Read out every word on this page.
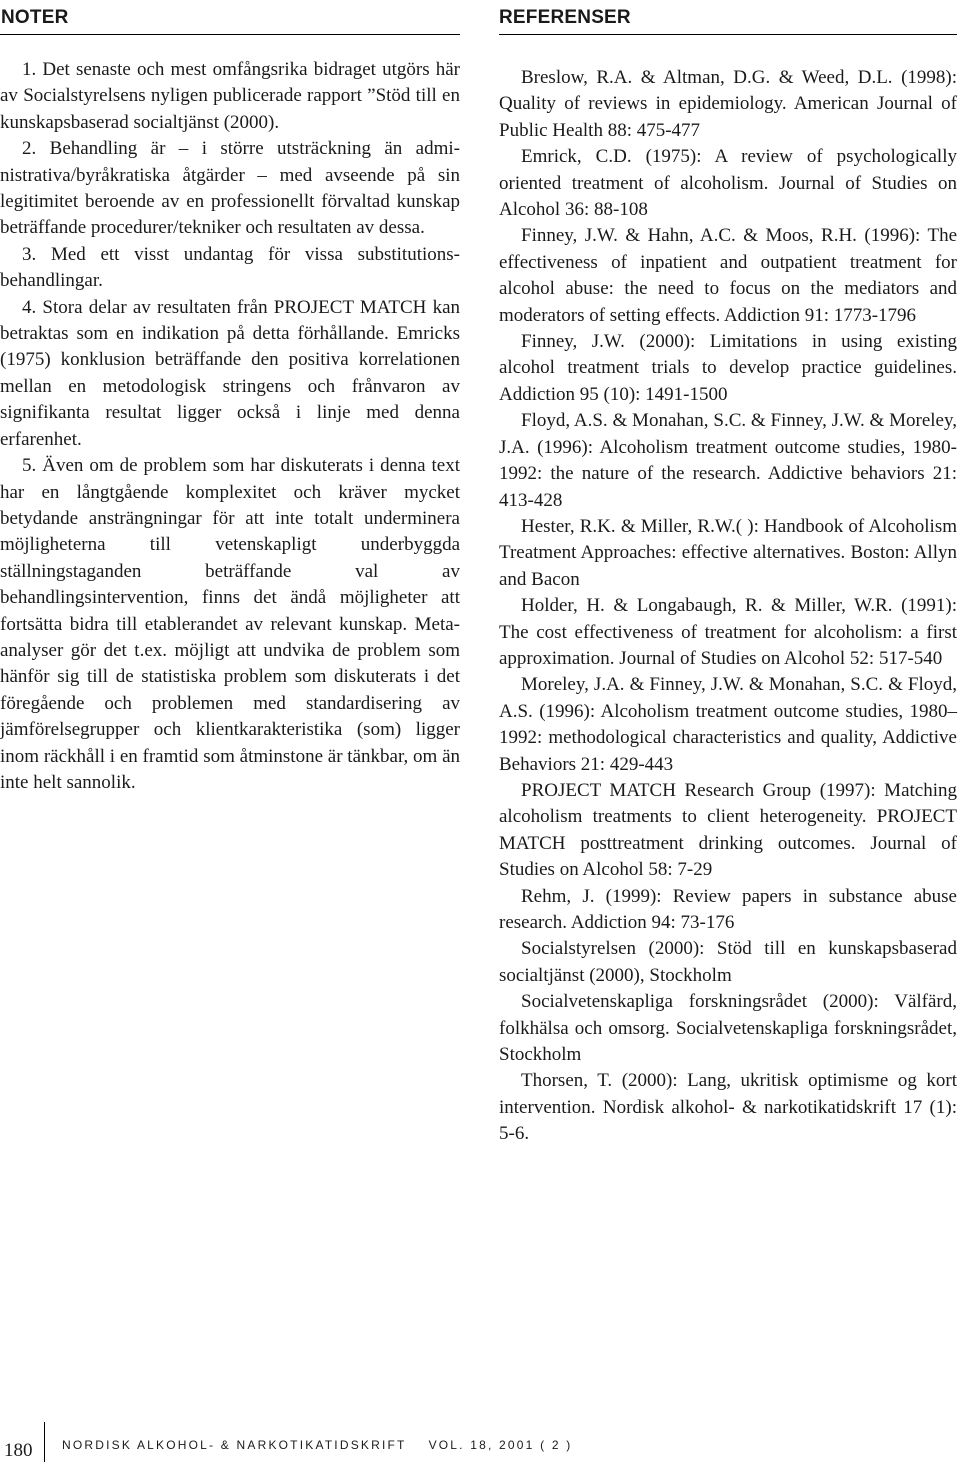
NOTER

1. Det senaste och mest omfångsrika bidraget utgörs här av Socialstyrelsens nyligen publicerade rapport ”Stöd till en kunskapsbaserad socialtjänst (2000).

2. Behandling är – i större utsträckning än administrativa/byråkratiska åtgärder – med avseende på sin legitimitet beroende av en professionellt förvaltad kunskap beträffande procedurer/tekniker och resultaten av dessa.

3. Med ett visst undantag för vissa substitutionsbehandlingar.

4. Stora delar av resultaten från PROJECT MATCH kan betraktas som en indikation på detta förhållande. Emricks (1975) konklusion beträffande den positiva korrelationen mellan en metodologisk stringens och frånvaron av signifikanta resultat ligger också i linje med denna erfarenhet.

5. Även om de problem som har diskuterats i denna text har en långtgående komplexitet och kräver mycket betydande ansträngningar för att inte totalt underminera möjligheterna till vetenskapligt underbyggda ställningstaganden beträffande val av behandlingsintervention, finns det ändå möjligheter att fortsätta bidra till etablerandet av relevant kunskap. Meta-analyser gör det t.ex. möjligt att undvika de problem som hänför sig till de statistiska problem som diskuterats i det föregående och problemen med standardisering av jämförelsegrupper och klientkarakteristika (som) ligger inom räckhåll i en framtid som åtminstone är tänkbar, om än inte helt sannolik.

REFERENSER

Breslow, R.A. & Altman, D.G. & Weed, D.L. (1998): Quality of reviews in epidemiology. American Journal of Public Health 88: 475-477

Emrick, C.D. (1975): A review of psychologically oriented treatment of alcoholism. Journal of Studies on Alcohol 36: 88-108

Finney, J.W. & Hahn, A.C. & Moos, R.H. (1996): The effectiveness of inpatient and outpatient treatment for alcohol abuse: the need to focus on the mediators and moderators of setting effects. Addiction 91: 1773-1796

Finney, J.W. (2000): Limitations in using existing alcohol treatment trials to develop practice guidelines. Addiction 95 (10): 1491-1500

Floyd, A.S. & Monahan, S.C. & Finney, J.W. & Moreley, J.A. (1996): Alcoholism treatment outcome studies, 1980-1992: the nature of the research. Addictive behaviors 21: 413-428

Hester, R.K. & Miller, R.W.( ): Handbook of Alcoholism Treatment Approaches: effective alternatives. Boston: Allyn and Bacon

Holder, H. & Longabaugh, R. & Miller, W.R. (1991): The cost effectiveness of treatment for alcoholism: a first approximation. Journal of Studies on Alcohol 52: 517-540

Moreley, J.A. & Finney, J.W. & Monahan, S.C. & Floyd, A.S. (1996): Alcoholism treatment outcome studies, 1980–1992: methodological characteristics and quality, Addictive Behaviors 21: 429-443

PROJECT MATCH Research Group (1997): Matching alcoholism treatments to client heterogeneity. PROJECT MATCH posttreatment drinking outcomes. Journal of Studies on Alcohol 58: 7-29

Rehm, J. (1999): Review papers in substance abuse research. Addiction 94: 73-176

Socialstyrelsen (2000): Stöd till en kunskapsbaserad socialtjänst (2000), Stockholm

Socialvetenskapliga forskningsrådet (2000): Välfärd, folkhälsa och omsorg. Socialvetenskapliga forskningsrådet, Stockholm

Thorsen, T. (2000): Lang, ukritisk optimisme og kort intervention. Nordisk alkohol- & narkotikatidskrift 17 (1): 5-6.

180 NORDISK ALKOHOL- & NARKOTIKATIDSKRIFT VOL. 18, 2001 ( 2 )
